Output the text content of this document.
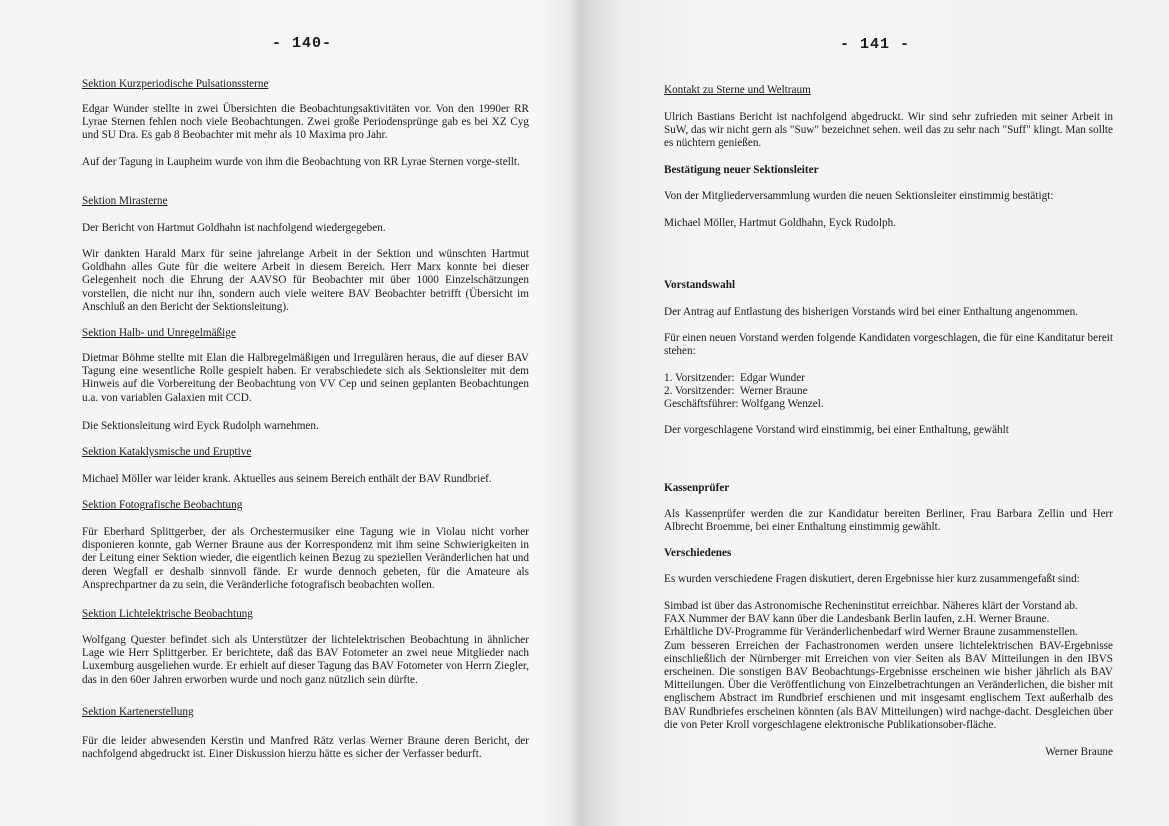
- 140-
Sektion Kurzperiodische Pulsationssterne
Edgar Wunder stellte in zwei Übersichten die Beobachtungsaktivitäten vor. Von den 1990er RR Lyrae Sternen fehlen noch viele Beobachtungen. Zwei große Periodensprünge gab es bei XZ Cyg und SU Dra. Es gab 8 Beobachter mit mehr als 10 Maxima pro Jahr.
Auf der Tagung in Laupheim wurde von ihm die Beobachtung von RR Lyrae Sternen vorge-stellt.
Sektion Mirasterne
Der Bericht von Hartmut Goldhahn ist nachfolgend wiedergegeben.
Wir dankten Harald Marx für seine jahrelange Arbeit in der Sektion und wünschten Hartmut Goldhahn alles Gute für die weitere Arbeit in diesem Bereich. Herr Marx konnte bei dieser Gelegenheit noch die Ehrung der AAVSO für Beobachter mit über 1000 Einzelschätzungen vorstellen, die nicht nur ihn, sondern auch viele weitere BAV Beobachter betrifft (Übersicht im Anschluß an den Bericht der Sektionsleitung).
Sektion Halb- und Unregelmäßige
Dietmar Böhme stellte mit Elan die Halbregelmäßigen und Irregulären heraus, die auf dieser BAV Tagung eine wesentliche Rolle gespielt haben. Er verabschiedete sich als Sektionsleiter mit dem Hinweis auf die Vorbereitung der Beobachtung von VV Cep und seinen geplanten Beobachtungen u.a. von variablen Galaxien mit CCD.
Die Sektionsleitung wird Eyck Rudolph warnehmen.
Sektion Kataklysmische und Eruptive
Michael Möller war leider krank. Aktuelles aus seinem Bereich enthält der BAV Rundbrief.
Sektion Fotografische Beobachtung
Für Eberhard Splittgerber, der als Orchestermusiker eine Tagung wie in Violau nicht vorher disponieren konnte, gab Werner Braune aus der Korrespondenz mit ihm seine Schwierigkeiten in der Leitung einer Sektion wieder, die eigentlich keinen Bezug zu speziellen Veränderlichen hat und deren Wegfall er deshalb sinnvoll fände. Er wurde dennoch gebeten, für die Amateure als Ansprechpartner da zu sein, die Veränderliche fotografisch beobachten wollen.
Sektion Lichtelektrische Beobachtung
Wolfgang Quester befindet sich als Unterstützer der lichtelektrischen Beobachtung in ähnlicher Lage wie Herr Splittgerber. Er berichtete, daß das BAV Fotometer an zwei neue Mitglieder nach Luxemburg ausgeliehen wurde. Er erhielt auf dieser Tagung das BAV Fotometer von Herrn Ziegler, das in den 60er Jahren erworben wurde und noch ganz nützlich sein dürfte.
Sektion Kartenerstellung
Für die leider abwesenden Kerstin und Manfred Rätz verlas Werner Braune deren Bericht, der nachfolgend abgedruckt ist. Einer Diskussion hierzu hätte es sicher der Verfasser bedurft.
- 141 -
Kontakt zu Sterne und Weltraum
Ulrich Bastians Bericht ist nachfolgend abgedruckt. Wir sind sehr zufrieden mit seiner Arbeit in SuW, das wir nicht gern als "Suw" bezeichnet sehen. weil das zu sehr nach "Suff" klingt. Man sollte es nüchtern genießen.
Bestätigung neuer Sektionsleiter
Von der Mitgliederversammlung wurden die neuen Sektionsleiter einstimmig bestätigt:
Michael Möller, Hartmut Goldhahn, Eyck Rudolph.
Vorstandswahl
Der Antrag auf Entlastung des bisherigen Vorstands wird bei einer Enthaltung angenommen.
Für einen neuen Vorstand werden folgende Kandidaten vorgeschlagen, die für eine Kanditatur bereit stehen:
1. Vorsitzender:  Edgar Wunder
2. Vorsitzender:  Werner Braune
Geschäftsführer: Wolfgang Wenzel.
Der vorgeschlagene Vorstand wird einstimmig, bei einer Enthaltung, gewählt
Kassenprüfer
Als Kassenprüfer werden die zur Kandidatur bereiten Berliner, Frau Barbara Zellin und Herr Albrecht Broemme, bei einer Enthaltung einstimmig gewählt.
Verschiedenes
Es wurden verschiedene Fragen diskutiert, deren Ergebnisse hier kurz zusammengefaßt sind:
Simbad ist über das Astronomische Recheninstitut erreichbar. Näheres klärt der Vorstand ab.
FAX Nummer der BAV kann über die Landesbank Berlin laufen, z.H. Werner Braune.
Erhältliche DV-Programme für Veränderlichenbedarf wird Werner Braune zusammenstellen.
Zum besseren Erreichen der Fachastronomen werden unsere lichtelektrischen BAV-Ergebnisse einschließlich der Nürnberger mit Erreichen von vier Seiten als BAV Mitteilungen in den IBVS erscheinen. Die sonstigen BAV Beobachtungs-Ergebnisse erscheinen wie bisher jährlich als BAV Mitteilungen. Über die Veröffentlichung von Einzelbetrachtungen an Veränderlichen, die bisher mit englischem Abstract im Rundbrief erschienen und mit insgesamt englischem Text außerhalb des BAV Rundbriefes erscheinen könnten (als BAV Mitteilungen) wird nachge-dacht. Desgleichen über die von Peter Kroll vorgeschlagene elektronische Publikationsober-fläche.
Werner Braune
